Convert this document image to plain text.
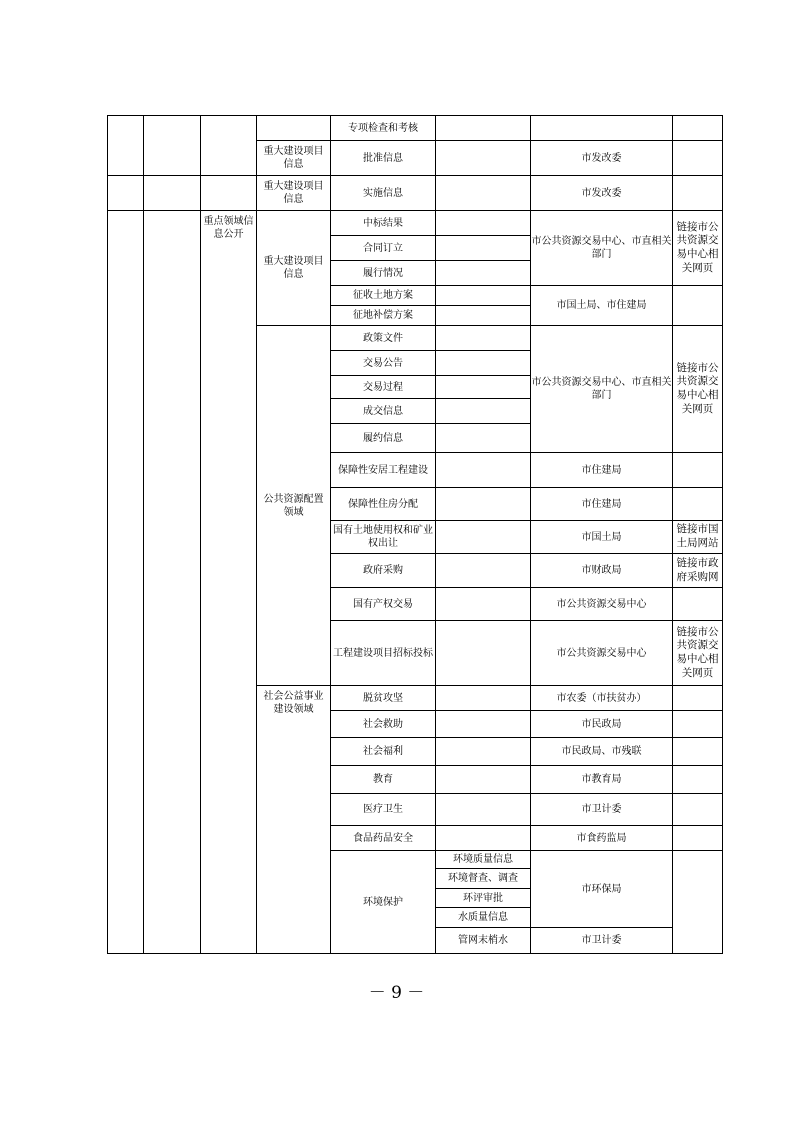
重点领域信息公开
重大建设项目信息
重大建设项目信息
重大建设项目信息
公共资源配置领域
社会公益事业建设领域
专项检查和考核
批准信息
实施信息
中标结果
合同订立
履行情况
征收土地方案
征地补偿方案
政策文件
交易公告
交易过程
成交信息
履约信息
保障性安居工程建设
保障性住房分配
国有土地使用权和矿业权出让
政府采购
国有产权交易
工程建设项目招标投标
脱贫攻坚
社会救助
社会福利
教育
医疗卫生
食品药品安全
环境保护
环境质量信息
环境督查、调查
环评审批
水质量信息
管网末梢水
市发改委
市发改委
市公共资源交易中心、市直相关部门
市国土局、市住建局
市公共资源交易中心、市直相关部门
市住建局
市住建局
市国土局
市财政局
市公共资源交易中心
市公共资源交易中心
市农委（市扶贫办）
市民政局
市民政局、市残联
市教育局
市卫计委
市食药监局
市环保局
市卫计委
链接市公共资源交易中心相关网页
链接市公共资源交易中心相关网页
链接市国土局网站
链接市政府采购网
链接市公共资源交易中心相关网页
－ 9 －
